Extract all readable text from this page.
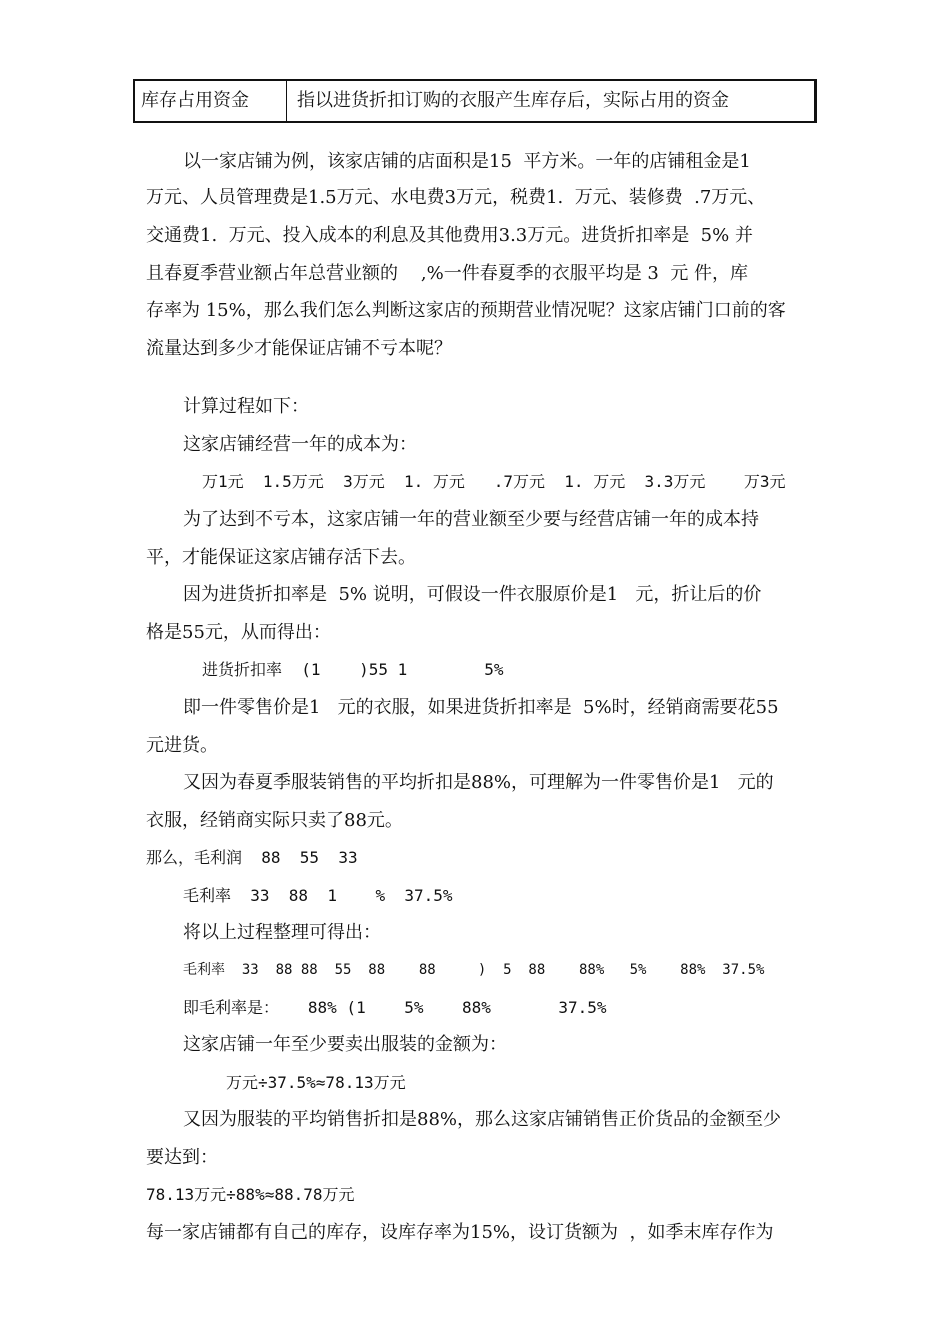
库存占用资金	指以进货折扣订购的衣服产生库存后，实际占用的资金
以一家店铺为例，该家店铺的店面积是15  平方米。一年的店铺租金是1
万元、人员管理费是1.5万元、水电费3万元，税费1.  万元、装修费  .7万元、
交通费1.  万元、投入成本的利息及其他费用3.3万元。进货折扣率是  5% 并
且春夏季营业额占年总营业额的    ,%一件春夏季的衣服平均是 3  元 件，库
存率为 15%，那么我们怎么判断这家店的预期营业情况呢？这家店铺门口前的客
流量达到多少才能保证店铺不亏本呢？
计算过程如下：
这家店铺经营一年的成本为：
万1元  1.5万元  3万元  1. 万元   .7万元  1. 万元  3.3万元    万3元
为了达到不亏本，这家店铺一年的营业额至少要与经营店铺一年的成本持
平，才能保证这家店铺存活下去。
因为进货折扣率是  5% 说明，可假设一件衣服原价是1   元，折让后的价
格是55元，从而得出：
进货折扣率  (1    )55 1        5%
即一件零售价是1   元的衣服，如果进货折扣率是  5%时，经销商需要花55
元进货。
又因为春夏季服装销售的平均折扣是88%，可理解为一件零售价是1   元的
衣服，经销商实际只卖了88元。
那么，毛利润  88  55  33
毛利率  33  88  1    %  37.5%
将以上过程整理可得出：
毛利率  33  88 88  55  88    88     )  5  88    88%   5%    88%  37.5%
即毛利率是：   88% (1    5%    88%       37.5%
这家店铺一年至少要卖出服装的金额为：
万元÷37.5%≈78.13万元
又因为服装的平均销售折扣是88%，那么这家店铺销售正价货品的金额至少
要达到：
78.13万元÷88%≈88.78万元
每一家店铺都有自己的库存，设库存率为15%，设订货额为  ，如季末库存作为
